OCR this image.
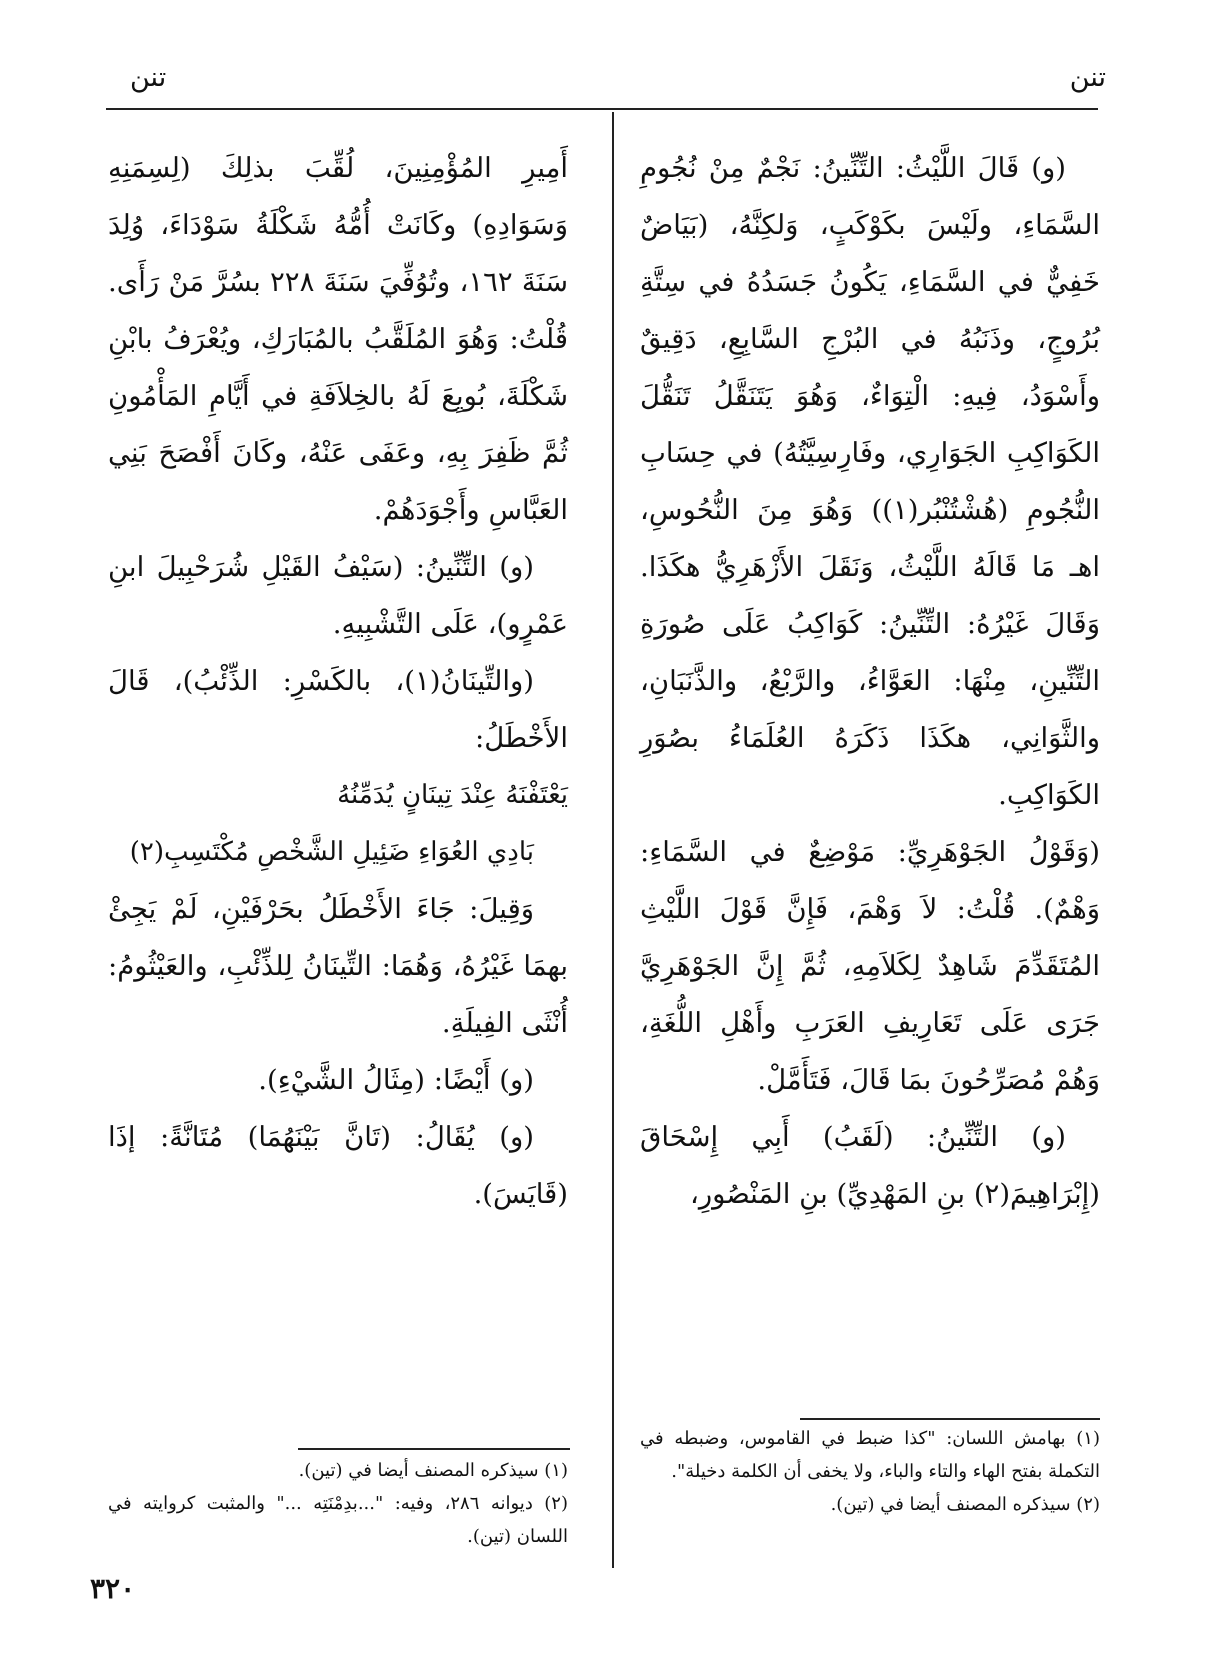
تنن
تنن

(و) قَالَ اللَّيْثُ: التِّنِّينُ: نَجْمٌ مِنْ نُجُومِ السَّمَاءِ، ولَيْسَ بكَوْكَبٍ، وَلكِنَّهُ، (بَيَاضٌ خَفِيٌّ في السَّمَاءِ، يَكُونُ جَسَدُهُ في سِتَّةِ بُرُوجٍ، وذَنَبُهُ في البُرْجِ السَّابِعِ، دَقِيقٌ وأَسْوَدُ، فِيهِ: الْتِوَاءٌ، وَهُوَ يَتَنَقَّلُ تَنَقُّلَ الكَوَاكِبِ الجَوَارِي، وفَارِسِيَّتُهُ) في حِسَابِ النُّجُومِ (هُشْتُنْبُر(١)) وَهُوَ مِنَ النُّحُوسِ، اهـ مَا قَالَهُ اللَّيْثُ، وَنَقَلَ الأَزْهَرِيُّ هكَذَا. وَقَالَ غَيْرُهُ: التِّنِّينُ: كَوَاكِبُ عَلَى صُورَةِ التِّنِّينِ، مِنْهَا: العَوَّاءُ، والرَّبْعُ، والذَّنَبَانِ، والثَّوَانِي، هكَذَا ذَكَرَهُ العُلَمَاءُ بصُوَرِ الكَوَاكِبِ.

(وَقَوْلُ الجَوْهَرِيِّ: مَوْضِعٌ في السَّمَاءِ: وَهْمٌ). قُلْتُ: لاَ وَهْمَ، فَإِنَّ قَوْلَ اللَّيْثِ المُتَقَدِّمَ شَاهِدٌ لِكَلاَمِهِ، ثُمَّ إِنَّ الجَوْهَرِيَّ جَرَى عَلَى تَعَارِيفِ العَرَبِ وأَهْلِ اللُّغَةِ، وَهُمْ مُصَرِّحُونَ بمَا قَالَ، فَتَأَمَّلْ.

(و) التِّنِّينُ: (لَقَبُ) أَبِي إِسْحَاقَ (إِبْرَاهِيمَ(٢) بنِ المَهْدِيِّ) بنِ المَنْصُورِ،

أَمِيرِ المُؤْمِنِينَ، لُقِّبَ بذلِكَ (لِسِمَنِهِ وَسَوَادِهِ) وكَانَتْ أُمُّهُ شَكْلَةُ سَوْدَاءَ، وُلِدَ سَنَةَ ١٦٢، وتُوُفِّيَ سَنَةَ ٢٢٨ بسُرَّ مَنْ رَأَى. قُلْتُ: وَهُوَ المُلَقَّبُ بالمُبَارَكِ، ويُعْرَفُ بابْنِ شَكْلَةَ، بُويِعَ لَهُ بالخِلاَفَةِ في أَيَّامِ المَأْمُونِ ثُمَّ ظَفِرَ بِهِ، وعَفَى عَنْهُ، وكَانَ أَفْصَحَ بَنِي العَبَّاسِ وأَجْوَدَهُمْ.

(و) التِّنِّينُ: (سَيْفُ القَيْلِ شُرَحْبِيلَ ابنِ عَمْرٍو)، عَلَى التَّشْبِيهِ.

(والتِّينَانُ(١)، بالكَسْرِ: الذِّئْبُ)، قَالَ الأَخْطَلُ:

يَعْتَفْنَهُ عِنْدَ تِينَانٍ يُدَمِّنُهُ

بَادِي العُوَاءِ ضَئِيلِ الشَّخْصِ مُكْتَسِبِ(٢)

وَقِيلَ: جَاءَ الأَخْطَلُ بحَرْفَيْنِ، لَمْ يَجِئْ بهمَا غَيْرُهُ، وَهُمَا: التِّينَانُ لِلذِّئْبِ، والعَيْثُومُ: أُنْثَى الفِيلَةِ.

(و) أَيْضًا: (مِثَالُ الشَّيْءِ).

(و) يُقَالُ: (تَانَّ بَيْنَهُمَا) مُتَانَّةً: إذَا (قَايَسَ).

(١) بهامش اللسان: "كذا ضبط في القاموس، وضبطه في التكملة بفتح الهاء والتاء والباء، ولا يخفى أن الكلمة دخيلة".

(٢) سيذكره المصنف أيضا في (تين).

(١) سيذكره المصنف أيضا في (تين).

(٢) ديوانه ٢٨٦، وفيه: "...بدِمْنَتِه ..." والمثبت كروايته في اللسان (تين).

٣٢٠
